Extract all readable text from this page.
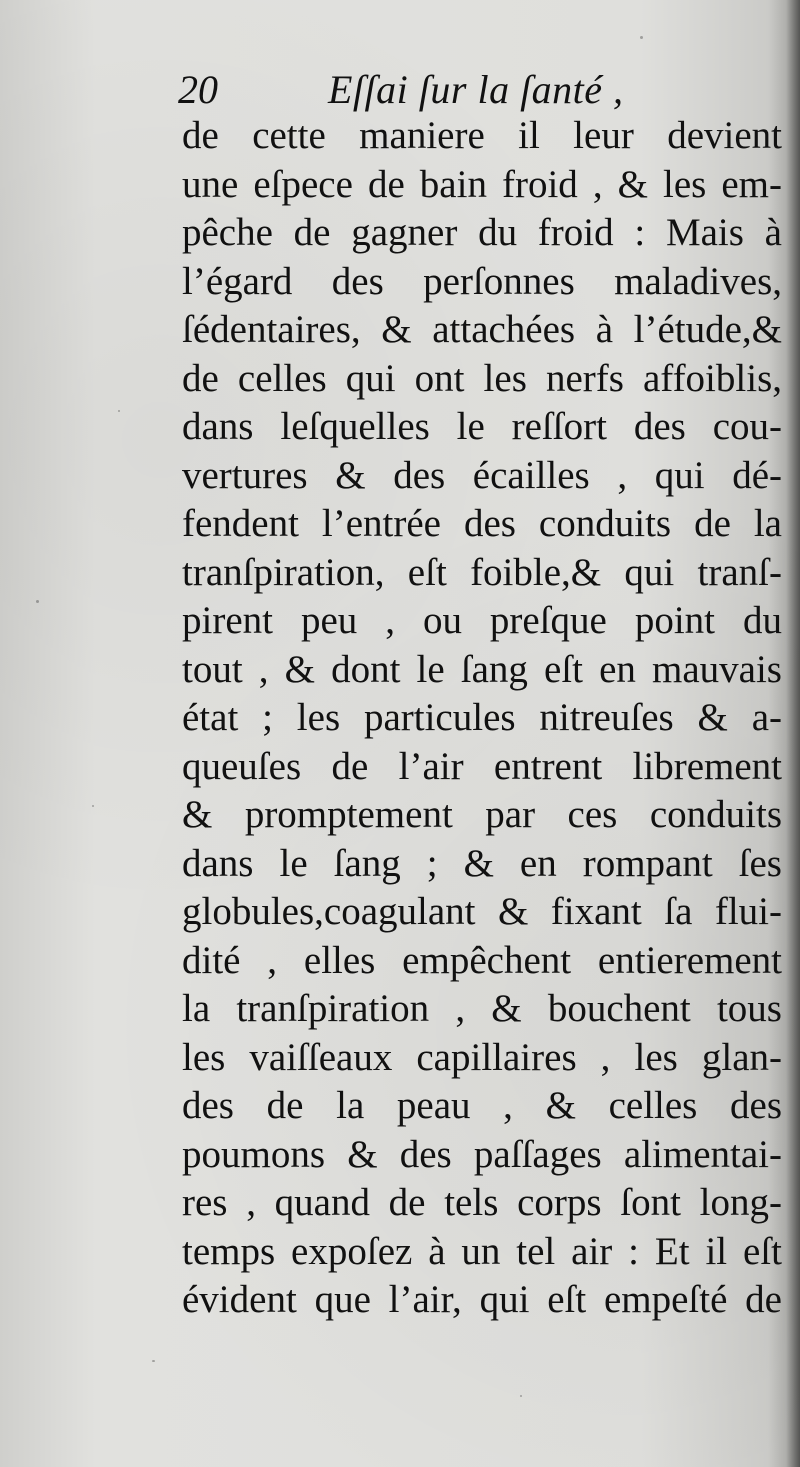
20	Eſſai ſur la ſanté ,
de cette maniere il leur devient
une eſpece de bain froid , & les em-
pêche de gagner du froid : Mais à
l’égard des perſonnes maladives,
ſédentaires, & attachées à l’étude,&
de celles qui ont les nerfs affoiblis,
dans leſquelles le reſſort des cou-
vertures & des écailles , qui dé-
fendent l’entrée des conduits de la
tranſpiration, eſt foible,& qui tranſ-
pirent peu , ou preſque point du
tout , & dont le ſang eſt en mauvais
état ; les particules nitreuſes & a-
queuſes de l’air entrent librement
& promptement par ces conduits
dans le ſang ; & en rompant ſes
globules,coagulant & fixant ſa flui-
dité , elles empêchent entierement
la tranſpiration , & bouchent tous
les vaiſſeaux capillaires , les glan-
des de la peau , & celles des
poumons & des paſſages alimentai-
res , quand de tels corps ſont long-
temps expoſez à un tel air : Et il eſt
évident que l’air, qui eſt empeſté de
